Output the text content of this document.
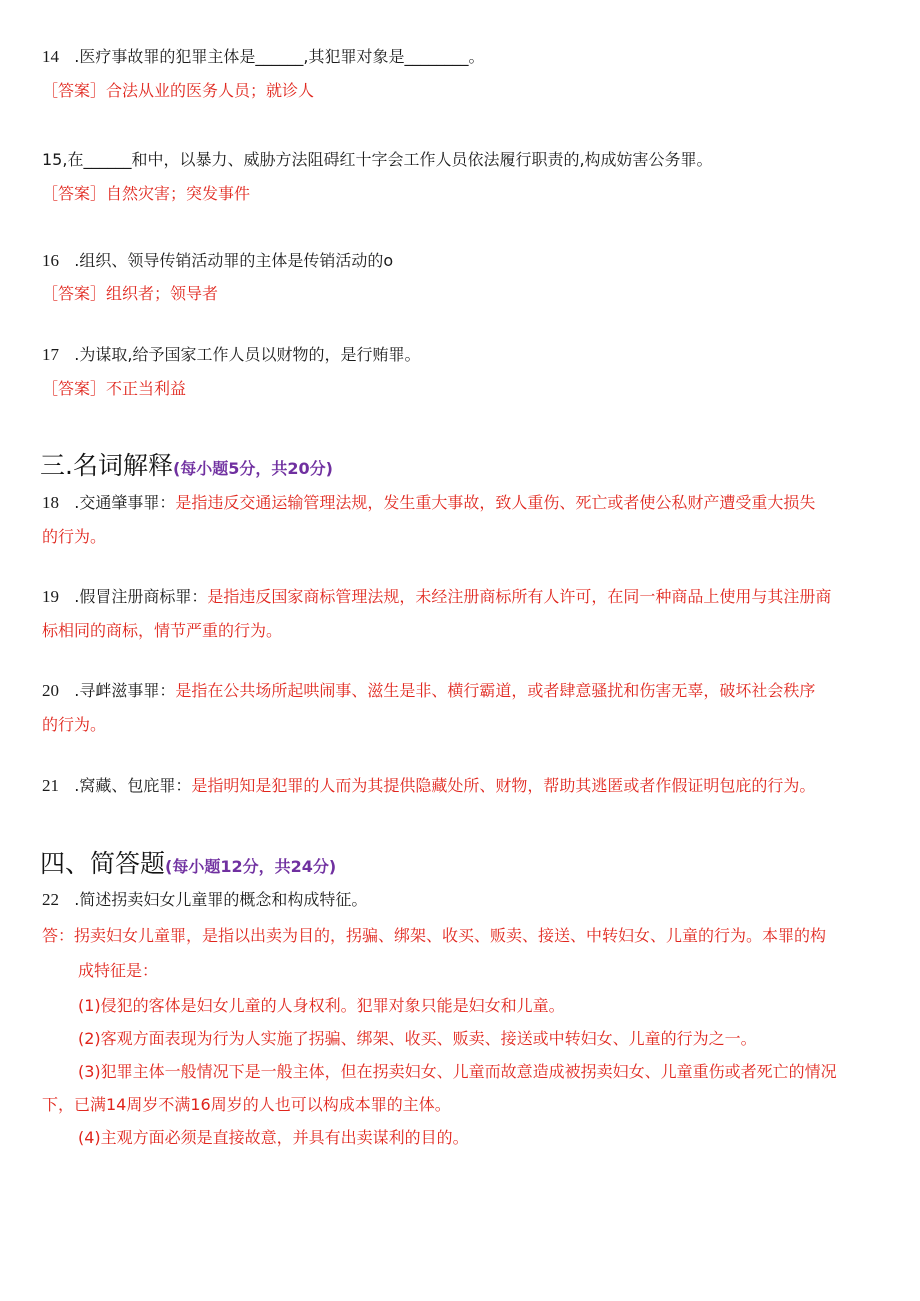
14 .医疗事故罪的犯罪主体是______,其犯罪对象是________。
［答案］合法从业的医务人员；就诊人
15,在______和中，以暴力、威胁方法阻碍红十字会工作人员依法履行职责的,构成妨害公务罪。
［答案］自然灾害；突发事件
16 .组织、领导传销活动罪的主体是传销活动的o
［答案］组织者；领导者
17 .为谋取,给予国家工作人员以财物的，是行贿罪。
［答案］不正当利益
三.名词解释(每小题5分，共20分)
18 .交通肇事罪：是指违反交通运输管理法规，发生重大事故，致人重伤、死亡或者使公私财产遭受重大损失
的行为。
19 .假冒注册商标罪：是指违反国家商标管理法规，未经注册商标所有人许可，在同一种商品上使用与其注册商
标相同的商标，情节严重的行为。
20 .寻衅滋事罪：是指在公共场所起哄闹事、滋生是非、横行霸道，或者肆意骚扰和伤害无辜，破坏社会秩序
的行为。
21 .窝藏、包庇罪：是指明知是犯罪的人而为其提供隐藏处所、财物，帮助其逃匿或者作假证明包庇的行为。
四、简答题(每小题12分，共24分)
22 .简述拐卖妇女儿童罪的概念和构成特征。
答：拐卖妇女儿童罪，是指以出卖为目的，拐骗、绑架、收买、贩卖、接送、中转妇女、儿童的行为。本罪的构
成特征是：
(1)侵犯的客体是妇女儿童的人身权利。犯罪对象只能是妇女和儿童。
(2)客观方面表现为行为人实施了拐骗、绑架、收买、贩卖、接送或中转妇女、儿童的行为之一。
(3)犯罪主体一般情况下是一般主体，但在拐卖妇女、儿童而故意造成被拐卖妇女、儿童重伤或者死亡的情况
下，已满14周岁不满16周岁的人也可以构成本罪的主体。
(4)主观方面必须是直接故意，并具有出卖谋利的目的。
